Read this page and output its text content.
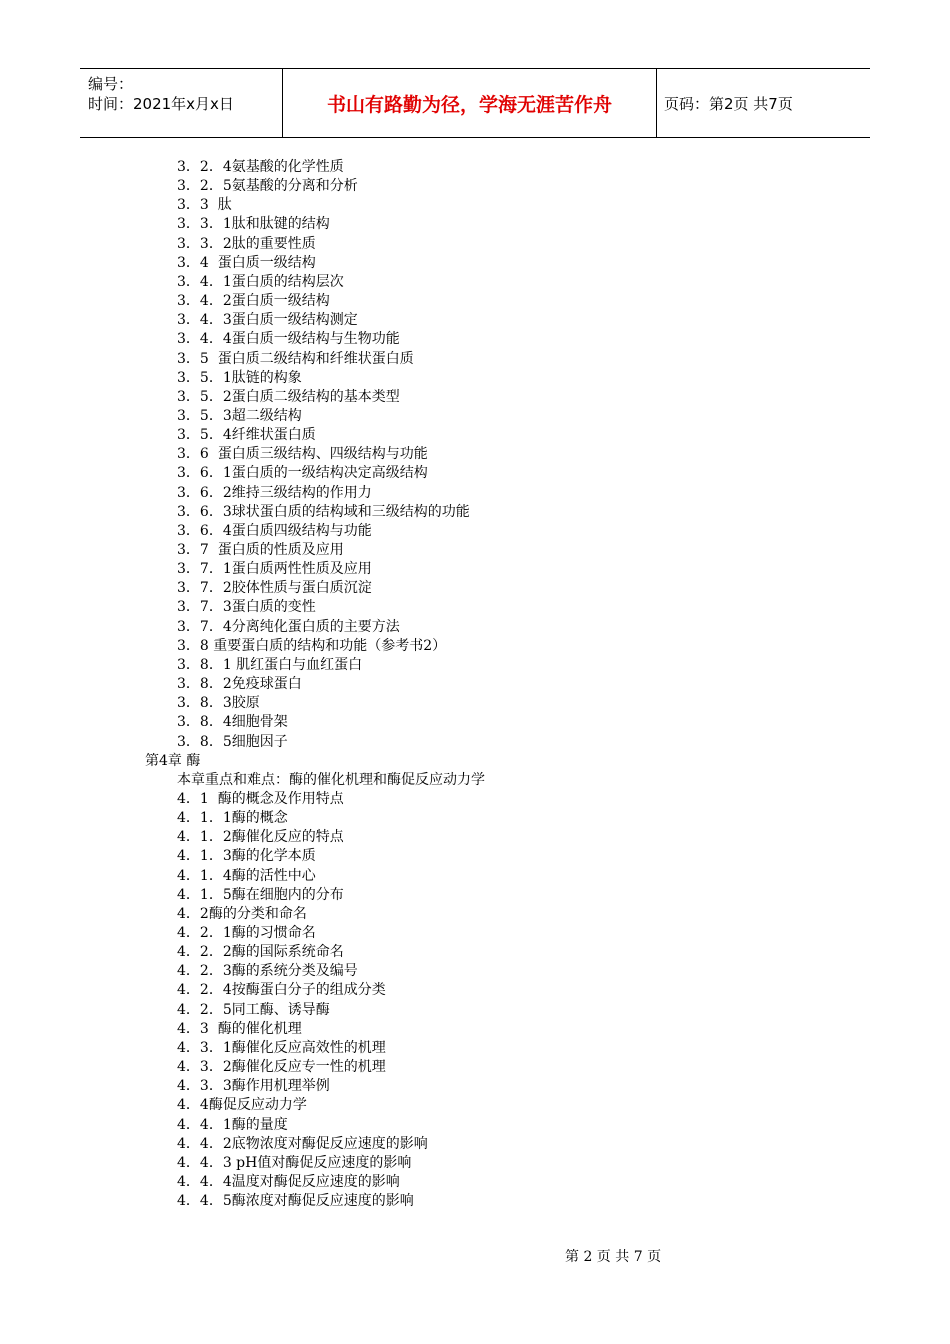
编号：
时间：2021年x月x日	书山有路勤为径，学海无涯苦作舟	页码：第2页 共7页
3．2．4氨基酸的化学性质
3．2．5氨基酸的分离和分析
3．3  肽
3．3．1肽和肽键的结构
3．3．2肽的重要性质
3．4  蛋白质一级结构
3．4．1蛋白质的结构层次
3．4．2蛋白质一级结构
3．4．3蛋白质一级结构测定
3．4．4蛋白质一级结构与生物功能
3．5  蛋白质二级结构和纤维状蛋白质
3．5．1肽链的构象
3．5．2蛋白质二级结构的基本类型
3．5．3超二级结构
3．5．4纤维状蛋白质
3．6  蛋白质三级结构、四级结构与功能
3．6．1蛋白质的一级结构决定高级结构
3．6．2维持三级结构的作用力
3．6．3球状蛋白质的结构域和三级结构的功能
3．6．4蛋白质四级结构与功能
3．7  蛋白质的性质及应用
3．7．1蛋白质两性性质及应用
3．7．2胶体性质与蛋白质沉淀
3．7．3蛋白质的变性
3．7．4分离纯化蛋白质的主要方法
3．8 重要蛋白质的结构和功能（参考书2）
3．8．1 肌红蛋白与血红蛋白
3．8．2免疫球蛋白
3．8．3胶原
3．8．4细胞骨架
3．8．5细胞因子
第4章 酶
本章重点和难点：酶的催化机理和酶促反应动力学
4．1  酶的概念及作用特点
4．1．1酶的概念
4．1．2酶催化反应的特点
4．1．3酶的化学本质
4．1．4酶的活性中心
4．1．5酶在细胞内的分布
4．2酶的分类和命名
4．2．1酶的习惯命名
4．2．2酶的国际系统命名
4．2．3酶的系统分类及编号
4．2．4按酶蛋白分子的组成分类
4．2．5同工酶、诱导酶
4．3  酶的催化机理
4．3．1酶催化反应高效性的机理
4．3．2酶催化反应专一性的机理
4．3．3酶作用机理举例
4．4酶促反应动力学
4．4．1酶的量度
4．4．2底物浓度对酶促反应速度的影响
4．4．3 pH值对酶促反应速度的影响
4．4．4温度对酶促反应速度的影响
4．4．5酶浓度对酶促反应速度的影响
第 2 页 共 7 页
